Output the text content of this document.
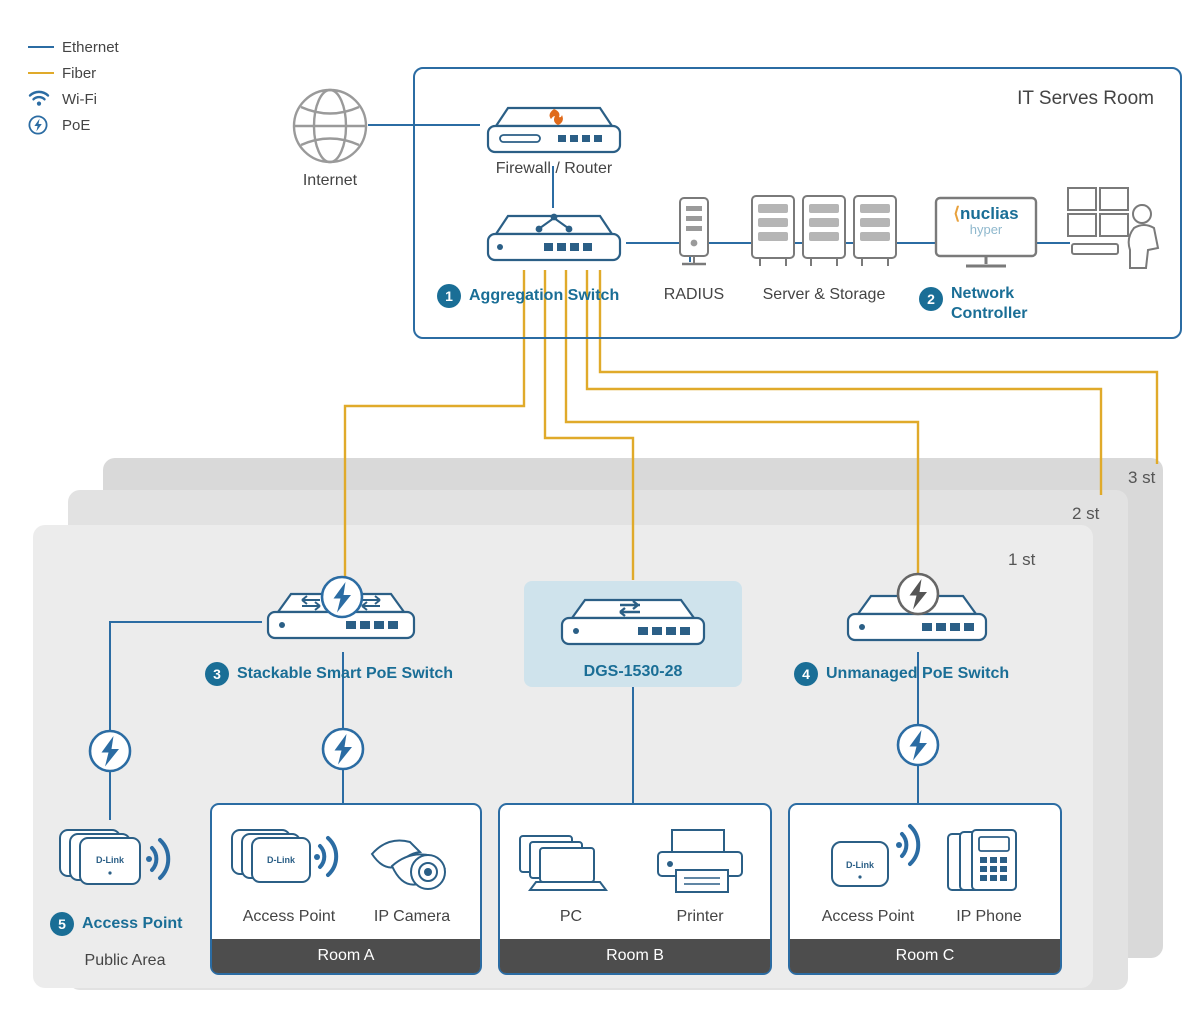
Ethernet
Fiber
Wi-Fi
PoE
3 st
2 st
1 st
IT Serves Room
Internet
Firewall / Router
1	Aggregation Switch	RADIUS	Server & Storage
⟨nuclias
hyper
2	Network
Controller
3	Stackable Smart PoE Switch	DGS-1530-28	4	Unmanaged PoE Switch
D-Link
5	Access Point
Public Area	Room A
D-Link
Access Point	IP Camera
Room B
PC	Printer
Room C
D-Link
Access Point	IP Phone
